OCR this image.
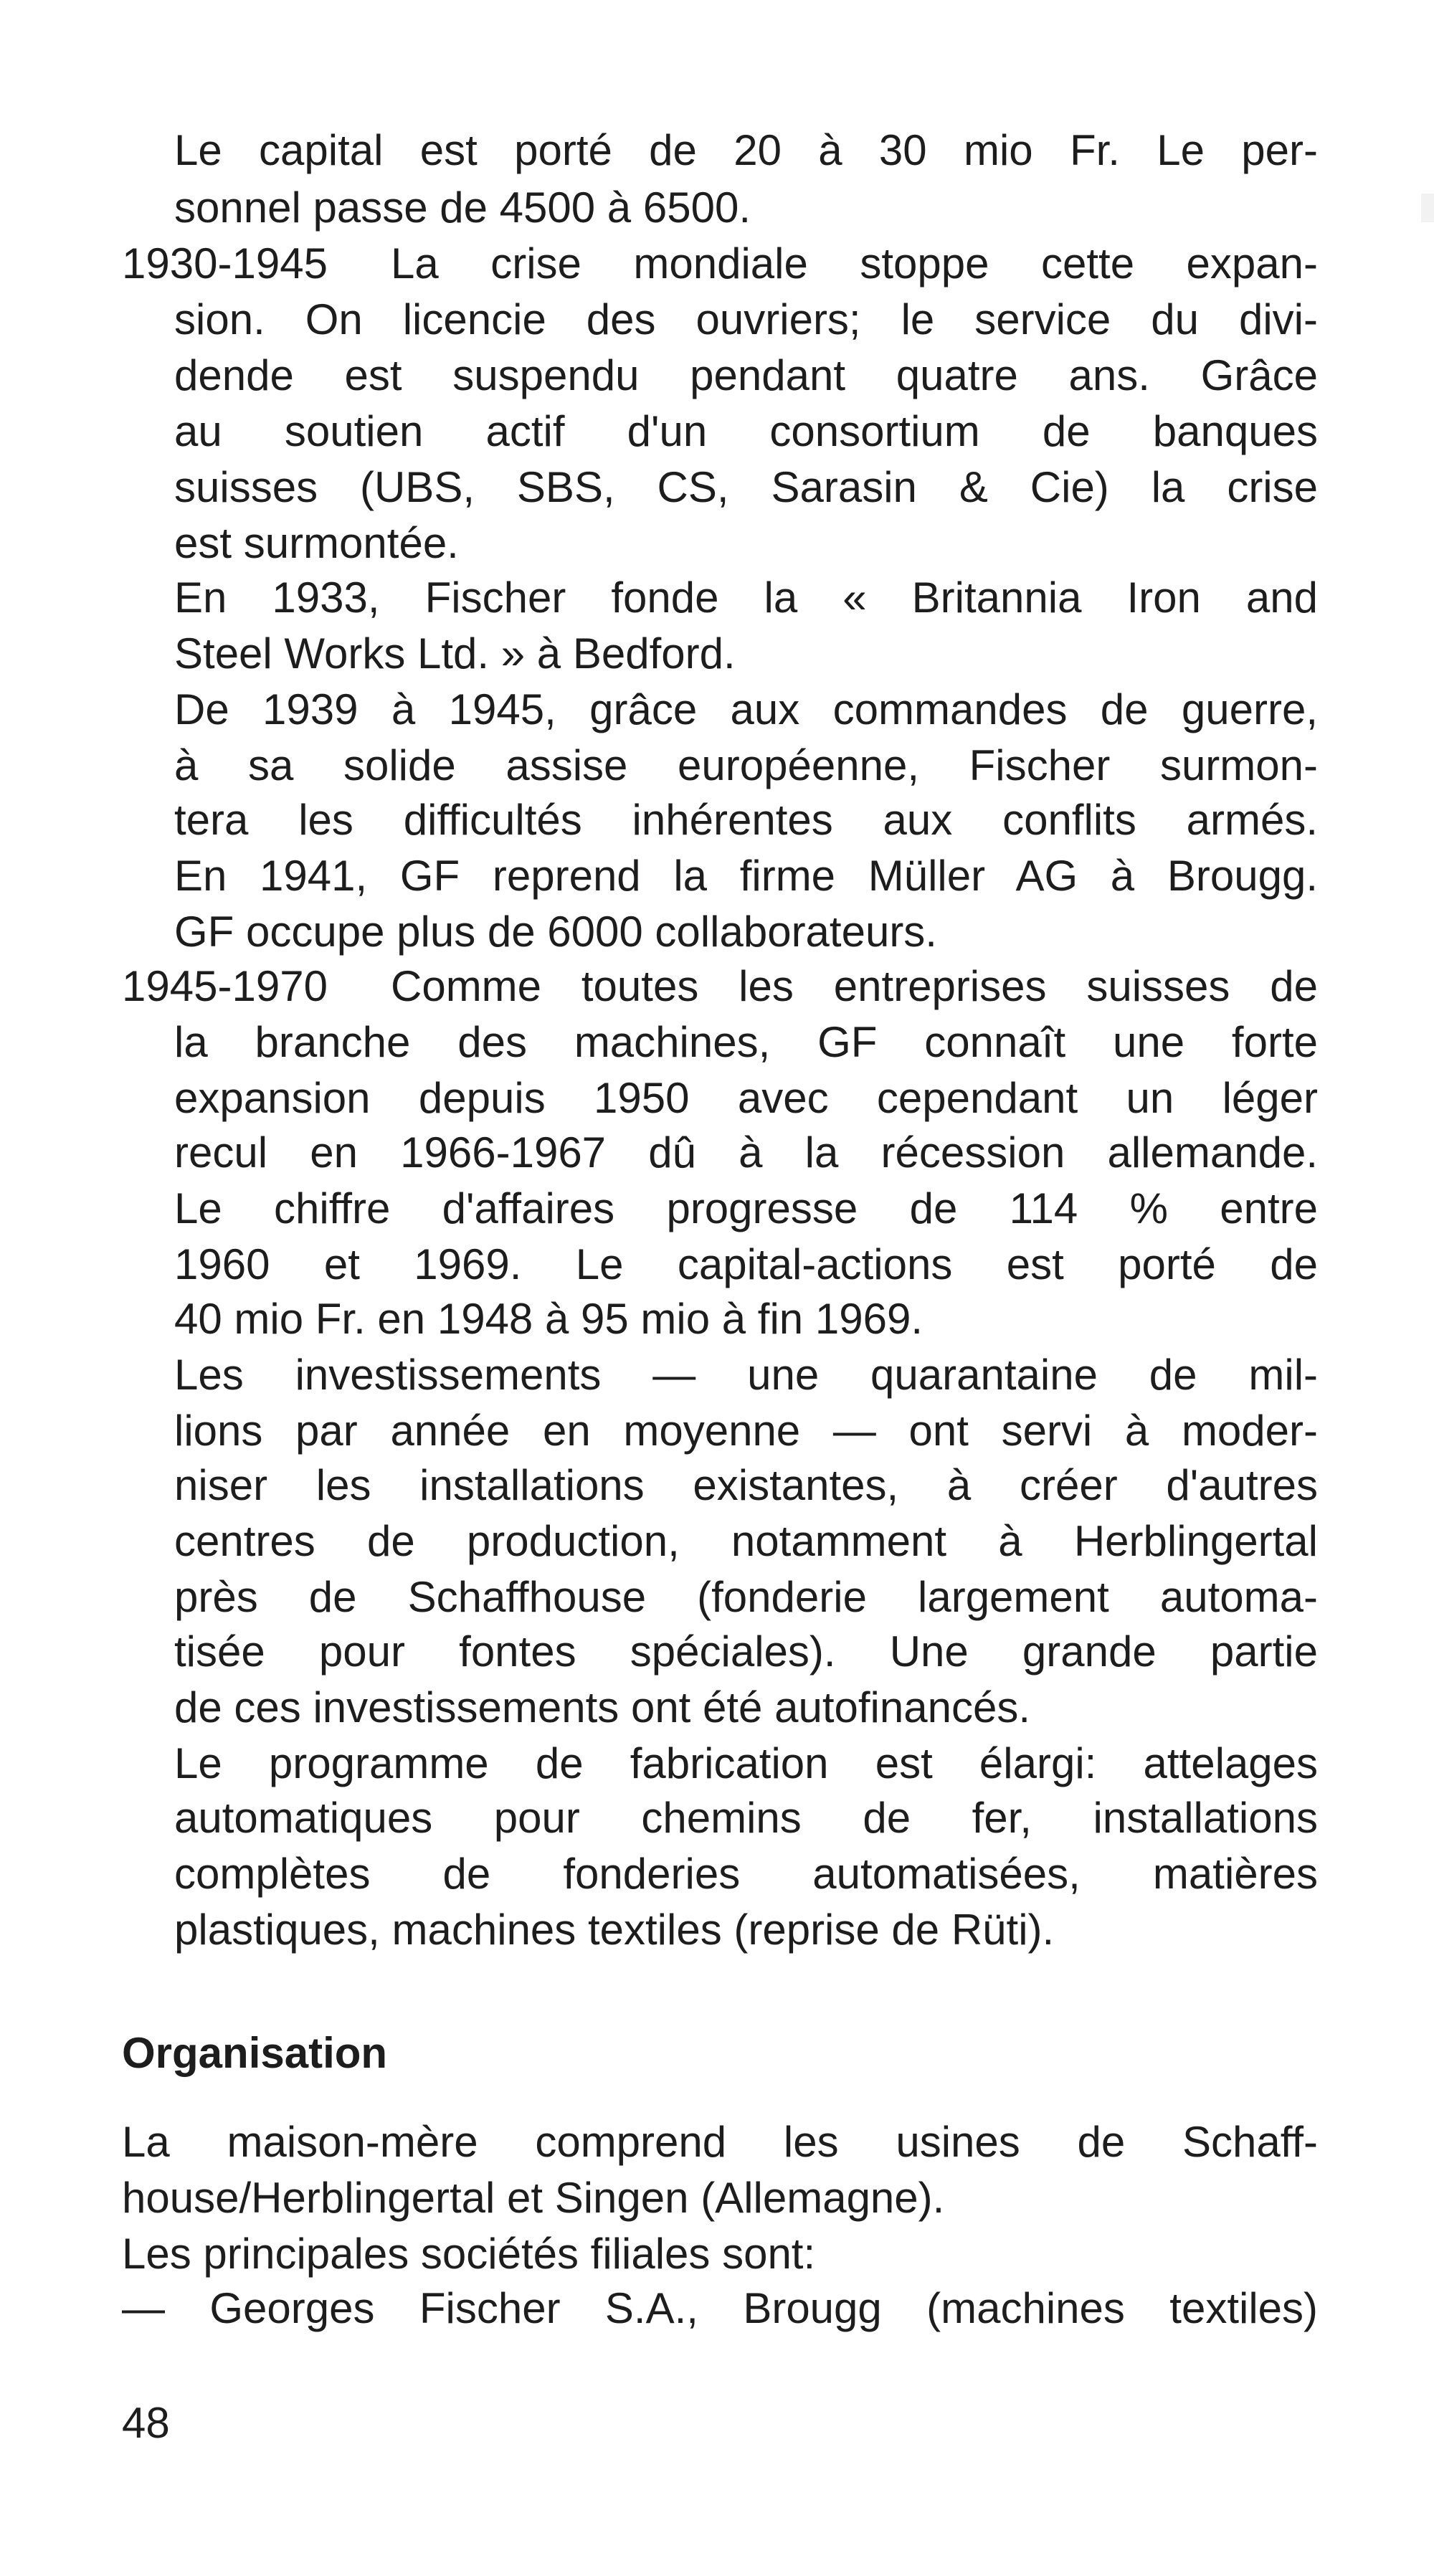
Le capital est porté de 20 à 30 mio Fr. Le per-
sonnel passe de 4500 à 6500.
1930-1945 La crise mondiale stoppe cette expan-
sion. On licencie des ouvriers; le service du divi-
dende est suspendu pendant quatre ans. Grâce
au soutien actif d'un consortium de banques
suisses (UBS, SBS, CS, Sarasin & Cie) la crise
est surmontée.
En 1933, Fischer fonde la « Britannia Iron and
Steel Works Ltd. » à Bedford.
De 1939 à 1945, grâce aux commandes de guerre,
à sa solide assise européenne, Fischer surmon-
tera les difficultés inhérentes aux conflits armés.
En 1941, GF reprend la firme Müller AG à Brougg.
GF occupe plus de 6000 collaborateurs.
1945-1970 Comme toutes les entreprises suisses de
la branche des machines, GF connaît une forte
expansion depuis 1950 avec cependant un léger
recul en 1966-1967 dû à la récession allemande.
Le chiffre d'affaires progresse de 114 % entre
1960 et 1969. Le capital-actions est porté de
40 mio Fr. en 1948 à 95 mio à fin 1969.
Les investissements — une quarantaine de mil-
lions par année en moyenne — ont servi à moder-
niser les installations existantes, à créer d'autres
centres de production, notamment à Herblingertal
près de Schaffhouse (fonderie largement automa-
tisée pour fontes spéciales). Une grande partie
de ces investissements ont été autofinancés.
Le programme de fabrication est élargi: attelages
automatiques pour chemins de fer, installations
complètes de fonderies automatisées, matières
plastiques, machines textiles (reprise de Rüti).
Organisation
La maison-mère comprend les usines de Schaff-
house/Herblingertal et Singen (Allemagne).
Les principales sociétés filiales sont:
— Georges Fischer S.A., Brougg (machines textiles)
48
